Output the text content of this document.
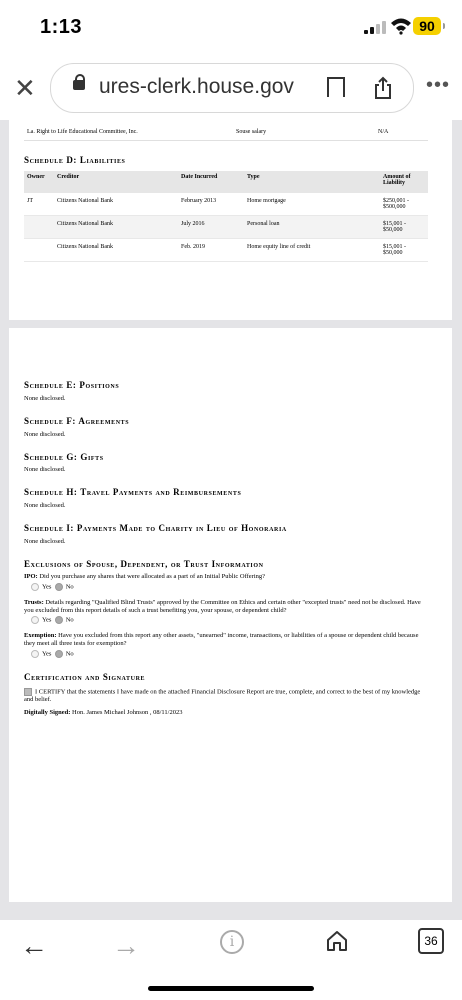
1:13	90
✕	ures-clerk.house.gov	•••
La. Right to Life Educational Committee, Inc.	Souse salary	N/A
Schedule D: Liabilities
Owner	Creditor	Date Incurred	Type	Amount of Liability
JT	Citizens National Bank	February 2013	Home mortgage	$250,001 - $500,000
	Citizens National Bank	July 2016	Personal loan	$15,001 - $50,000
	Citizens National Bank	Feb. 2019	Home equity line of credit	$15,001 - $50,000
Schedule E: Positions
None disclosed.
Schedule F: Agreements
None disclosed.
Schedule G: Gifts
None disclosed.
Schedule H: Travel Payments and Reimbursements
None disclosed.
Schedule I: Payments Made to Charity in Lieu of Honoraria
None disclosed.
Exclusions of Spouse, Dependent, or Trust Information
IPO: Did you purchase any shares that were allocated as a part of an Initial Public Offering?
Yes No
Trusts: Details regarding "Qualified Blind Trusts" approved by the Committee on Ethics and certain other "excepted trusts" need not be disclosed. Have you excluded from this report details of such a trust benefiting you, your spouse, or dependent child?
Yes No
Exemption: Have you excluded from this report any other assets, "unearned" income, transactions, or liabilities of a spouse or dependent child because they meet all three tests for exemption?
Yes No
Certification and Signature
I CERTIFY that the statements I have made on the attached Financial Disclosure Report are true, complete, and correct to the best of my knowledge and belief.
Digitally Signed: Hon. James Michael Johnson , 08/11/2023
← →	i	36
